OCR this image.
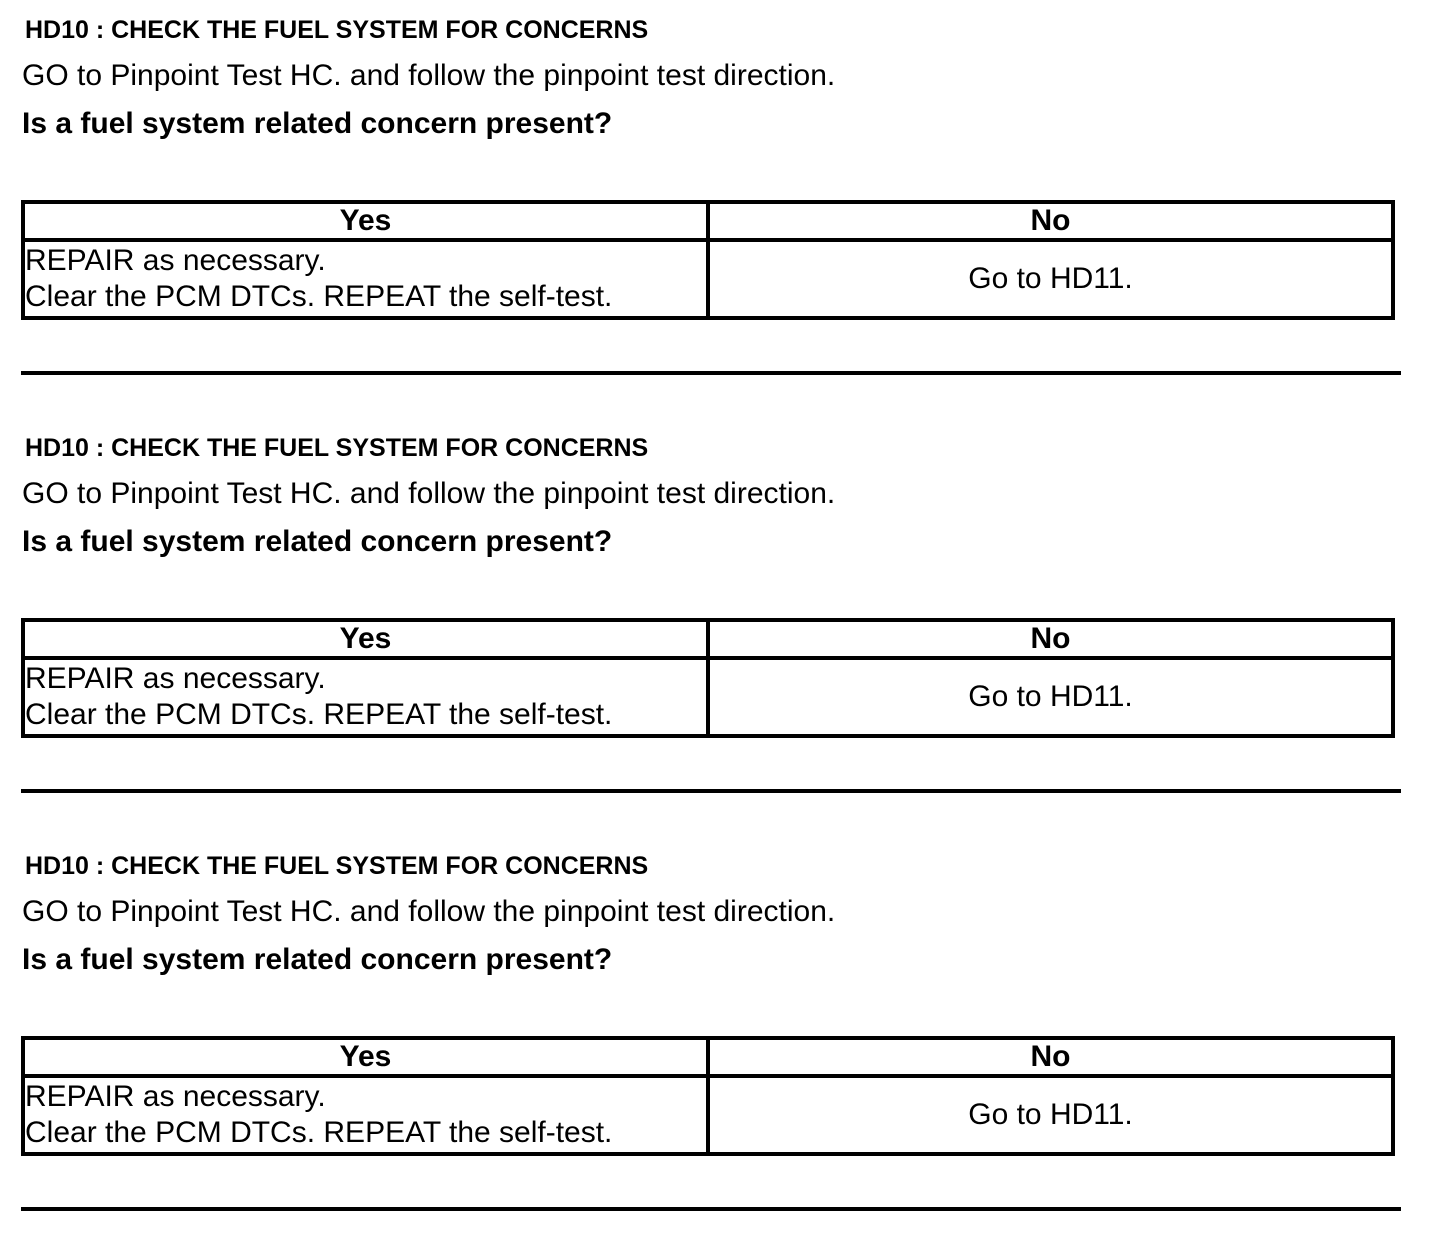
HD10 : CHECK THE FUEL SYSTEM FOR CONCERNS
GO to Pinpoint Test HC. and follow the pinpoint test direction.
Is a fuel system related concern present?
Yes	No

REPAIR as necessary.
Clear the PCM DTCs. REPEAT the self-test.	Go to HD11.
HD10 : CHECK THE FUEL SYSTEM FOR CONCERNS
GO to Pinpoint Test HC. and follow the pinpoint test direction.
Is a fuel system related concern present?
Yes	No

REPAIR as necessary.
Clear the PCM DTCs. REPEAT the self-test.	Go to HD11.
HD10 : CHECK THE FUEL SYSTEM FOR CONCERNS
GO to Pinpoint Test HC. and follow the pinpoint test direction.
Is a fuel system related concern present?
Yes	No

REPAIR as necessary.
Clear the PCM DTCs. REPEAT the self-test.	Go to HD11.
